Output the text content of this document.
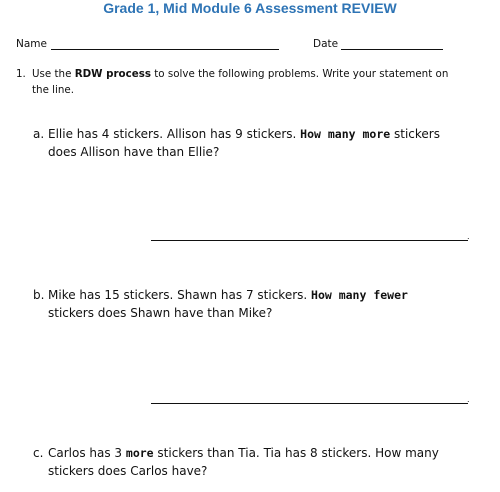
Grade 1, Mid Module 6 Assessment REVIEW
Name	Date
1. Use the RDW process to solve the following problems. Write your statement on
the line.
a. Ellie has 4 stickers. Allison has 9 stickers. How many more stickers
does Allison have than Ellie?
.
b. Mike has 15 stickers. Shawn has 7 stickers. How many fewer
stickers does Shawn have than Mike?
.
c. Carlos has 3 more stickers than Tia. Tia has 8 stickers. How many
stickers does Carlos have?
